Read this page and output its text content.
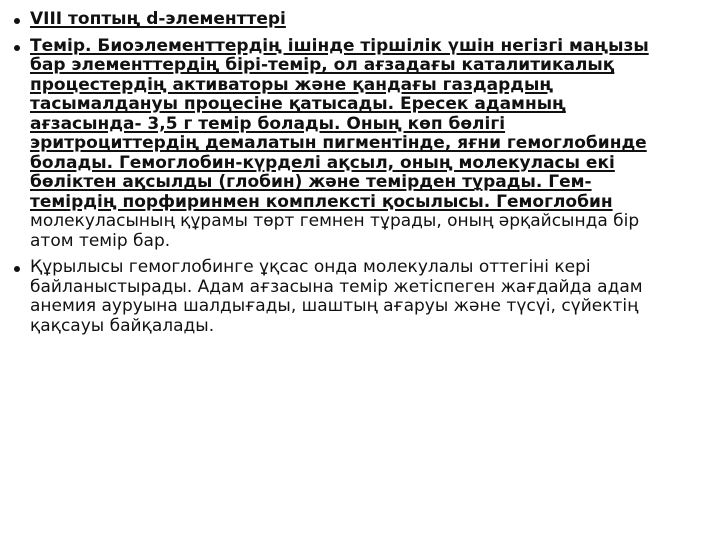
VIII топтың d-элементтері
Темір. Биоэлементтердің ішінде тіршілік үшін негізгі маңызы бар элементтердің бірі-темір, ол ағзадағы каталитикалық процестердің активаторы және қандағы газдардың тасымалдануы процесіне қатысады. Ересек адамның ағзасында- 3,5 г темір болады. Оның көп бөлігі эритроциттердің демалатын пигментінде, яғни гемоглобинде болады. Гемоглобин-күрделі ақсыл, оның молекуласы екі бөліктен ақсылды (глобин) және темірден тұрады. Гем-темірдің порфиринмен комплексті қосылысы. Гемоглобин молекуласының құрамы төрт гемнен тұрады, оның әрқайсында бір атом темір бар.
Құрылысы гемоглобинге ұқсас онда молекулалы оттегіні кері байланыстырады. Адам ағзасына темір жетіспеген жағдайда адам анемия ауруына шалдығады, шаштың ағаруы және түсүі, сүйектің қақсауы байқалады.
